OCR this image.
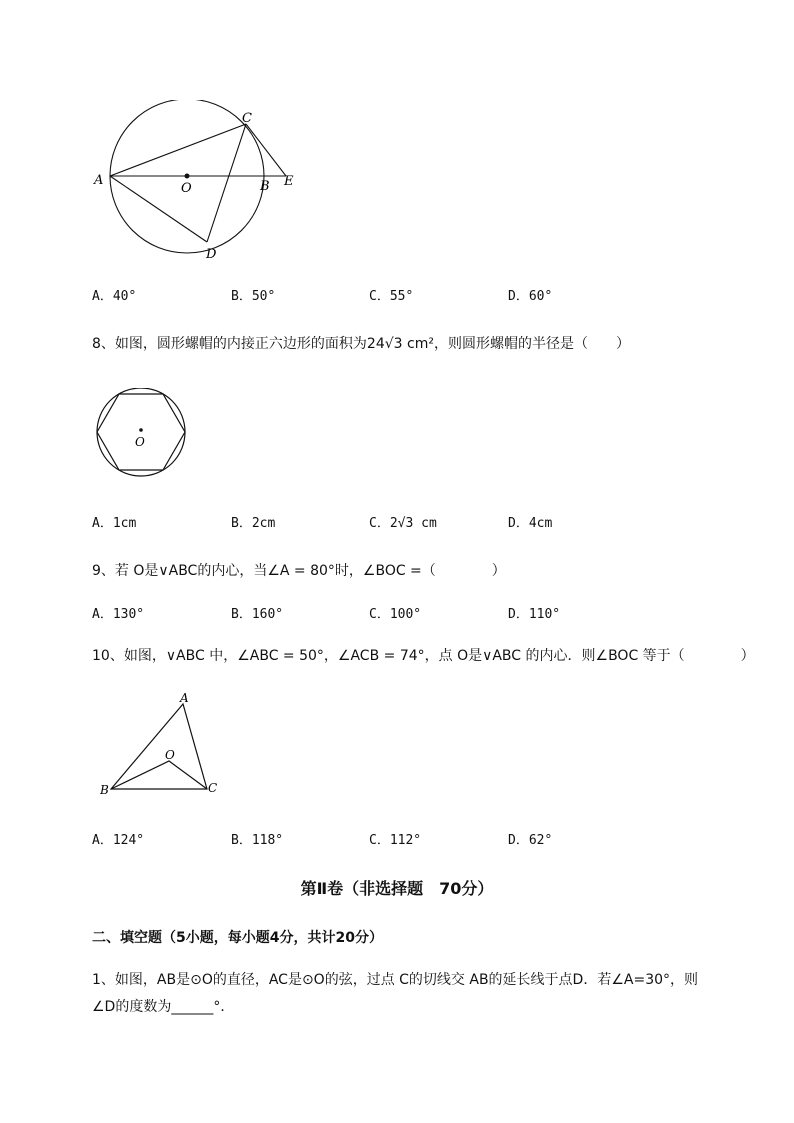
A
O	B
C
D
E
A．40°	B．50°	C．55°	D．60°
8、如图，圆形螺帽的内接正六边形的面积为24√3 cm²，则圆形螺帽的半径是（　　）
O
A．1cm	B．2cm	C．2√3 cm	D．4cm
9、若 O是∨ABC的内心，当∠A = 80°时，∠BOC =（　　　　）
A．130°	B．160°	C．100°	D．110°
10、如图，∨ABC 中，∠ABC = 50°，∠ACB = 74°，点 O是∨ABC 的内心．则∠BOC 等于（　　　　）
A
B	C
O
A．124°	B．118°	C．112°	D．62°
第Ⅱ卷（非选择题　70分）
二、填空题（5小题，每小题4分，共计20分）
1、如图，AB是⊙O的直径，AC是⊙O的弦，过点 C的切线交 AB的延长线于点D．若∠A=30°，则
∠D的度数为______°．
